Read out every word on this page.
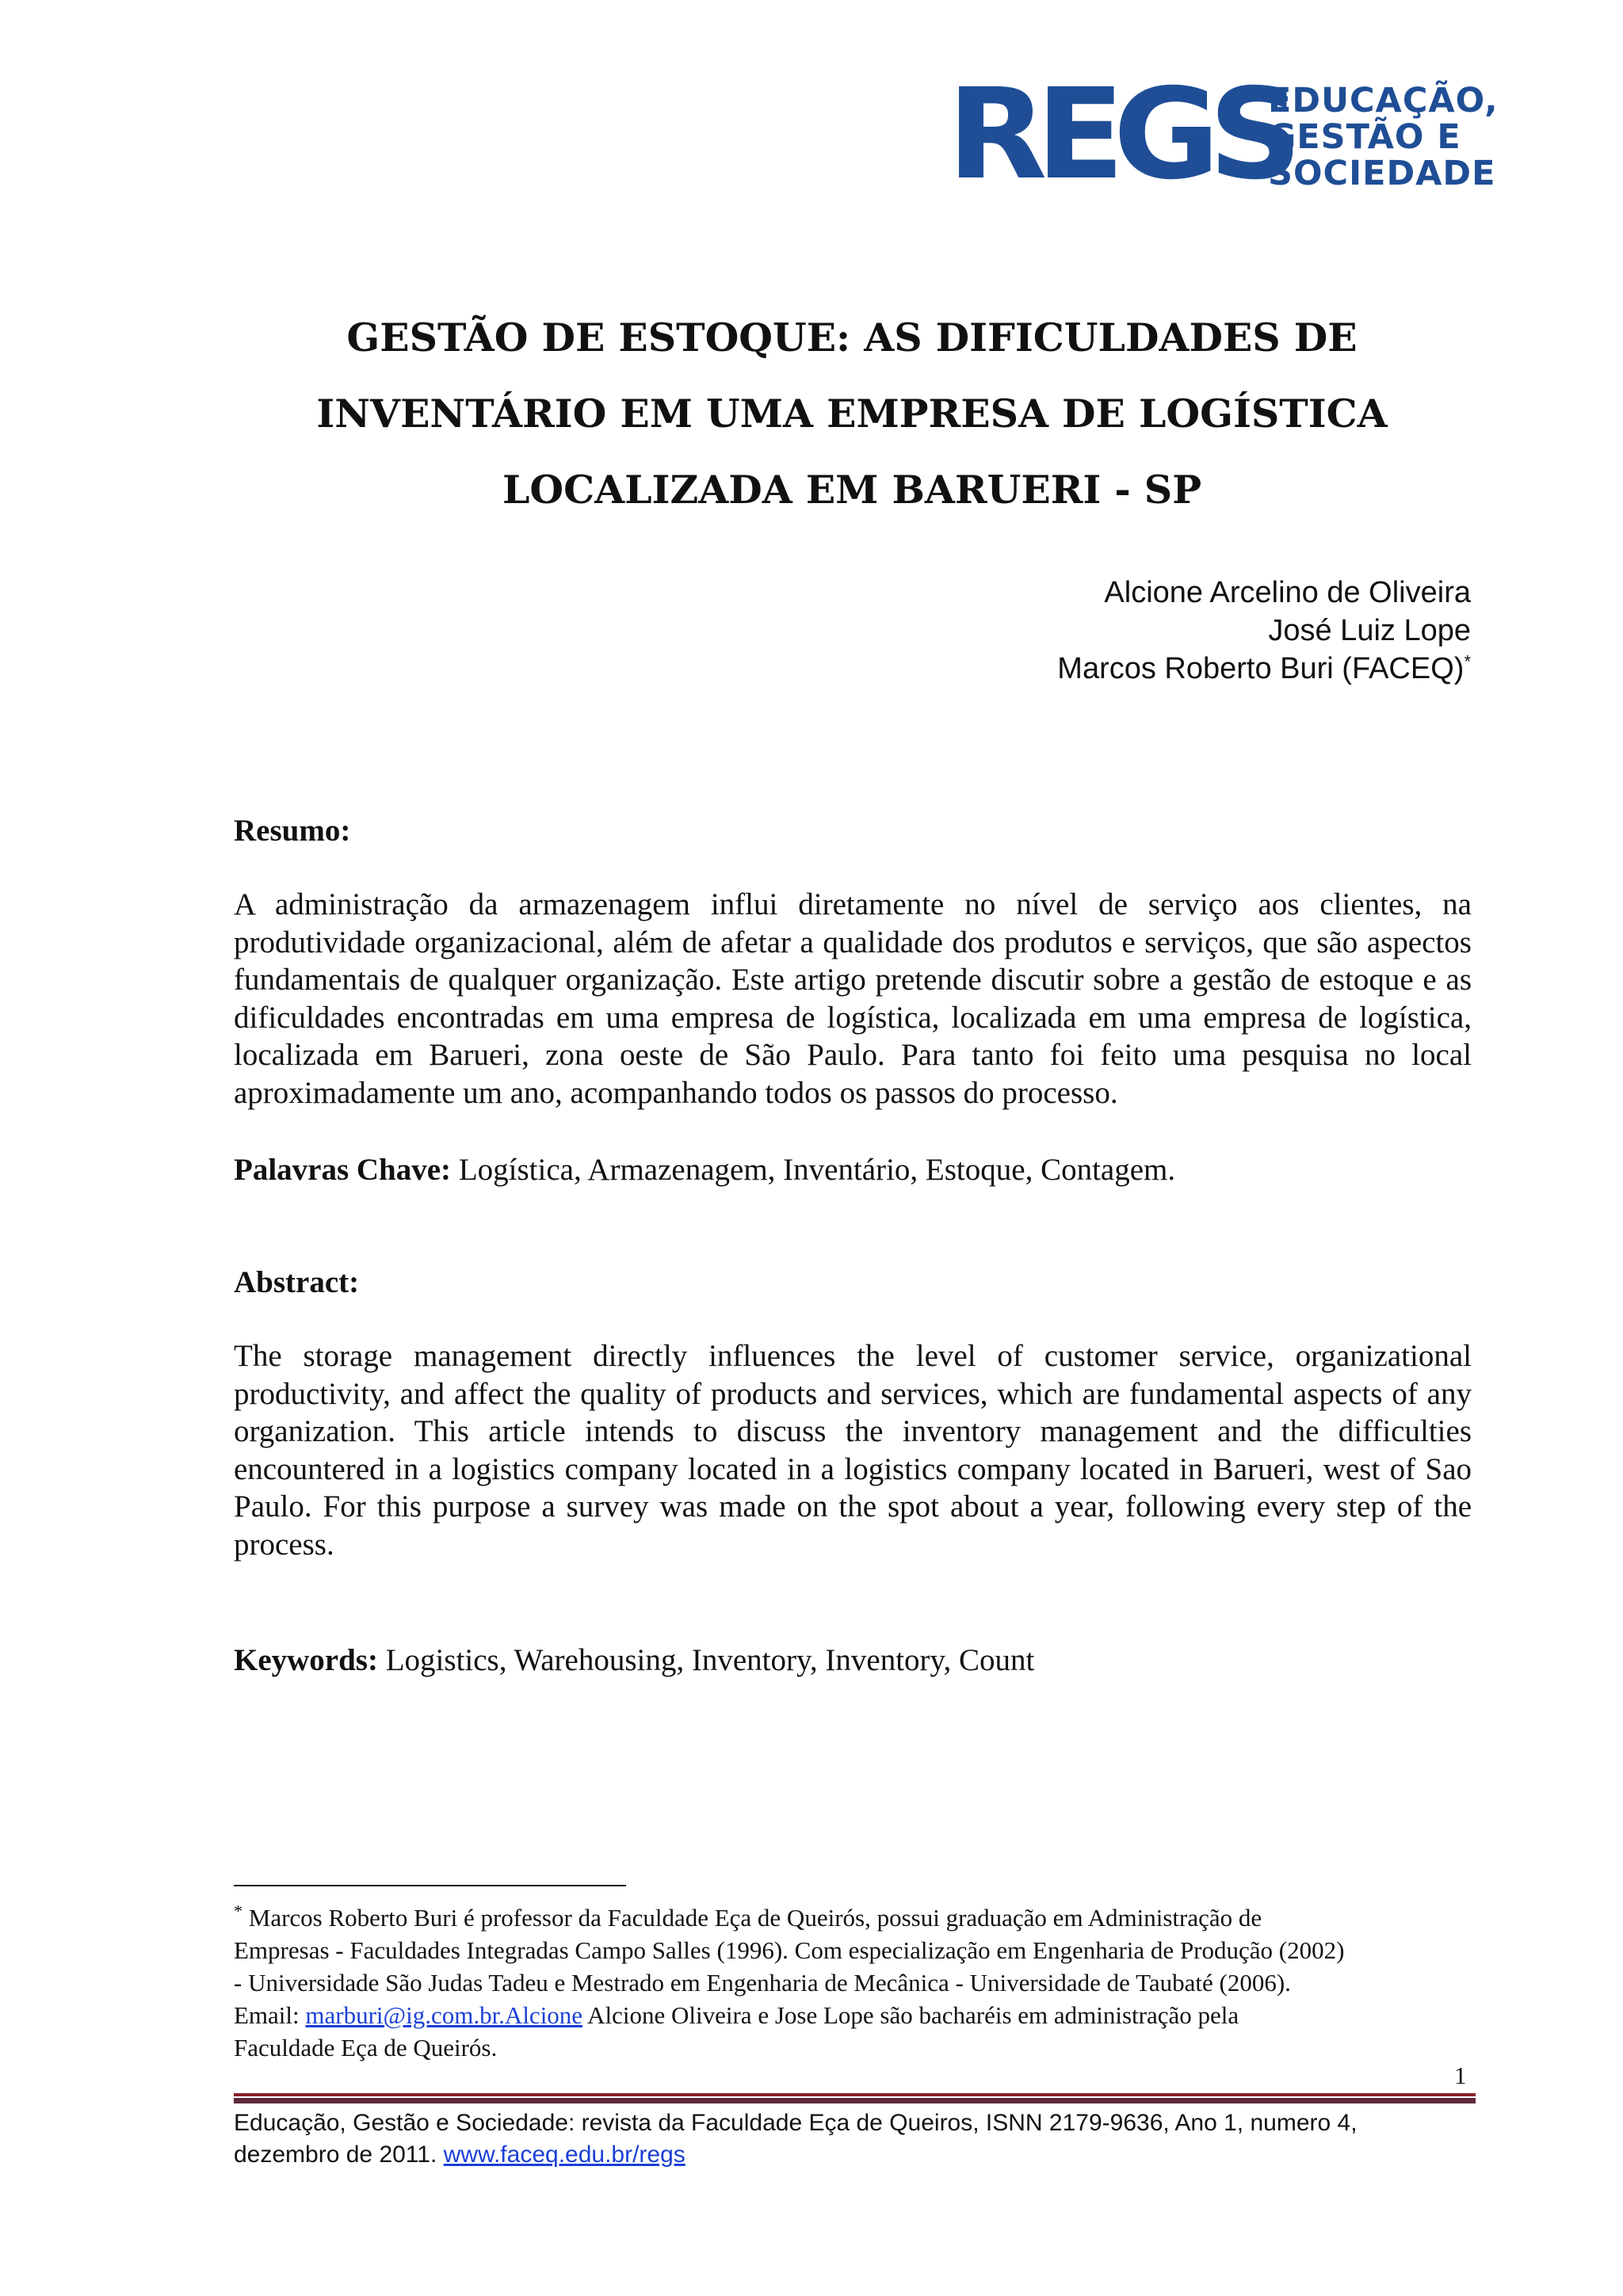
REGS
EDUCAÇÃO,
GESTÃO E
SOCIEDADE
GESTÃO DE ESTOQUE: AS DIFICULDADES DE
INVENTÁRIO EM UMA EMPRESA DE LOGÍSTICA
LOCALIZADA EM BARUERI - SP
Alcione Arcelino de Oliveira
José Luiz Lope
Marcos Roberto Buri (FACEQ)*
Resumo:
A administração da armazenagem influi diretamente no nível de serviço aos clientes, na produtividade organizacional, além de afetar a qualidade dos produtos e serviços, que são aspectos fundamentais de qualquer organização. Este artigo pretende discutir sobre a gestão de estoque e as dificuldades encontradas em uma empresa de logística, localizada em uma empresa de logística, localizada em Barueri, zona oeste de São Paulo. Para tanto foi feito uma pesquisa no local aproximadamente um ano, acompanhando todos os passos do processo.
Palavras Chave: Logística, Armazenagem, Inventário, Estoque, Contagem.
Abstract:
The storage management directly influences the level of customer service, organizational productivity, and affect the quality of products and services, which are fundamental aspects of any organization. This article intends to discuss the inventory management and the difficulties encountered in a logistics company located in a logistics company located in Barueri, west of Sao Paulo. For this purpose a survey was made on the spot about a year, following every step of the process.
Keywords: Logistics, Warehousing, Inventory, Inventory, Count
* Marcos Roberto Buri é professor da Faculdade Eça de Queirós, possui graduação em Administração de
Empresas - Faculdades Integradas Campo Salles (1996). Com especialização em Engenharia de Produção (2002)
- Universidade São Judas Tadeu e Mestrado em Engenharia de Mecânica - Universidade de Taubaté (2006).
Email: marburi@ig.com.br.Alcione Alcione Oliveira e Jose Lope são bacharéis em administração pela
Faculdade Eça de Queirós.
1
Educação, Gestão e Sociedade: revista da Faculdade Eça de Queiros, ISNN 2179-9636, Ano 1, numero 4,
dezembro de 2011. www.faceq.edu.br/regs
